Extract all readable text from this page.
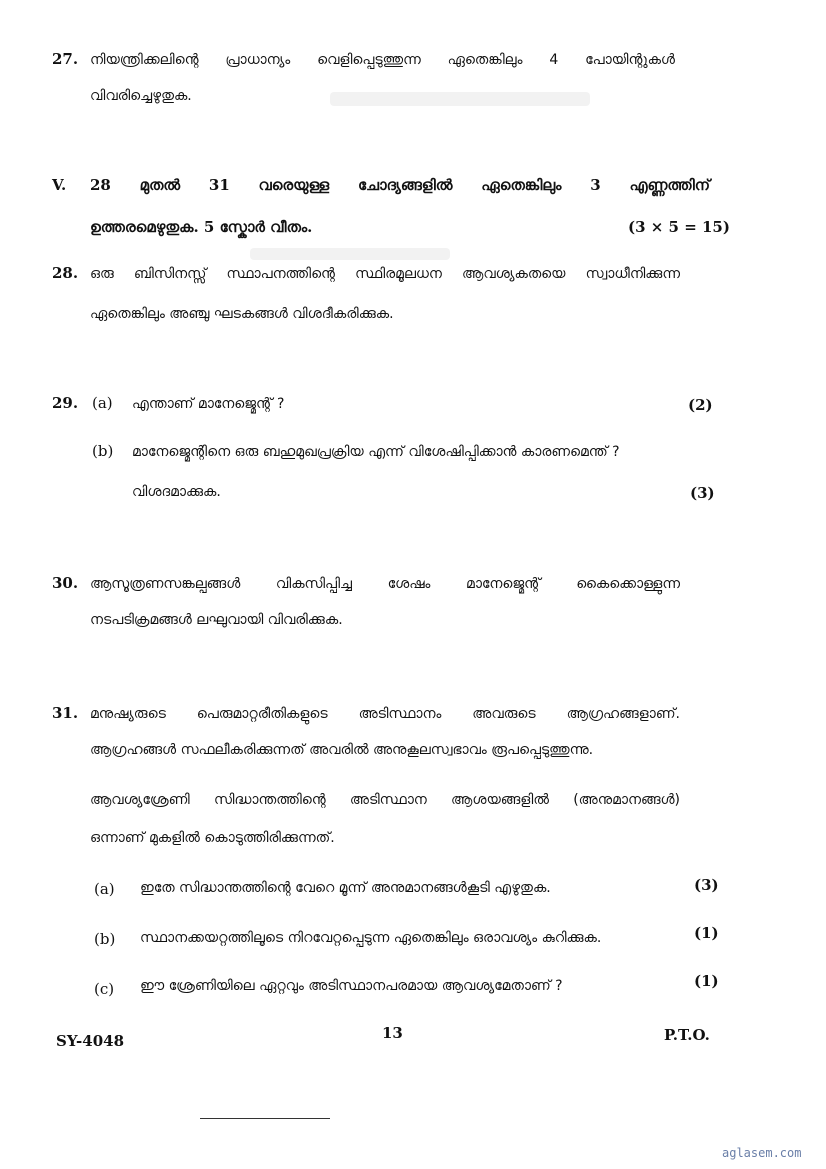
27. നിയന്ത്രിക്കലിന്റെ പ്രാധാന്യം വെളിപ്പെടുത്തുന്ന ഏതെങ്കിലും 4 പോയിന്റുകൾ
വിവരിച്ചെഴുതുക.
V. 28 മുതൽ 31 വരെയുള്ള ചോദ്യങ്ങളിൽ ഏതെങ്കിലും 3 എണ്ണത്തിന്
ഉത്തരമെഴുതുക. 5 സ്കോർ വീതം.	(3 × 5 = 15)
28. ഒരു ബിസിനസ്സ് സ്ഥാപനത്തിന്റെ സ്ഥിരമൂലധന ആവശ്യകതയെ സ്വാധീനിക്കുന്ന
ഏതെങ്കിലും അഞ്ചു ഘടകങ്ങൾ വിശദീകരിക്കുക.
29. (a) എന്താണ് മാനേജ്മെന്റ് ?	(2)
(b) മാനേജ്മെന്റിനെ ഒരു ബഹുമുഖപ്രക്രിയ എന്ന് വിശേഷിപ്പിക്കാൻ കാരണമെന്ത് ?
വിശദമാക്കുക.	(3)
30. ആസൂത്രണസങ്കല്പങ്ങൾ വികസിപ്പിച്ച ശേഷം മാനേജ്മെന്റ് കൈക്കൊള്ളുന്ന
നടപടിക്രമങ്ങൾ ലഘുവായി വിവരിക്കുക.
31. മനുഷ്യരുടെ പെരുമാറ്റരീതികളുടെ അടിസ്ഥാനം അവരുടെ ആഗ്രഹങ്ങളാണ്.
ആഗ്രഹങ്ങൾ സഫലീകരിക്കുന്നത് അവരിൽ അനുകൂലസ്വഭാവം രൂപപ്പെടുത്തുന്നു.
ആവശ്യശ്രേണി സിദ്ധാന്തത്തിന്റെ അടിസ്ഥാന ആശയങ്ങളിൽ (അനുമാനങ്ങൾ)
ഒന്നാണ് മുകളിൽ കൊടുത്തിരിക്കുന്നത്.
(a) ഇതേ സിദ്ധാന്തത്തിന്റെ വേറെ മൂന്ന് അനുമാനങ്ങൾകൂടി എഴുതുക.	(3)
(b) സ്ഥാനക്കയറ്റത്തിലൂടെ നിറവേറ്റപ്പെടുന്ന ഏതെങ്കിലും ഒരാവശ്യം കുറിക്കുക.	(1)
(c) ഈ ശ്രേണിയിലെ ഏറ്റവും അടിസ്ഥാനപരമായ ആവശ്യമേതാണ് ?	(1)
SY-4048	13	P.T.O.
aglasem.com
